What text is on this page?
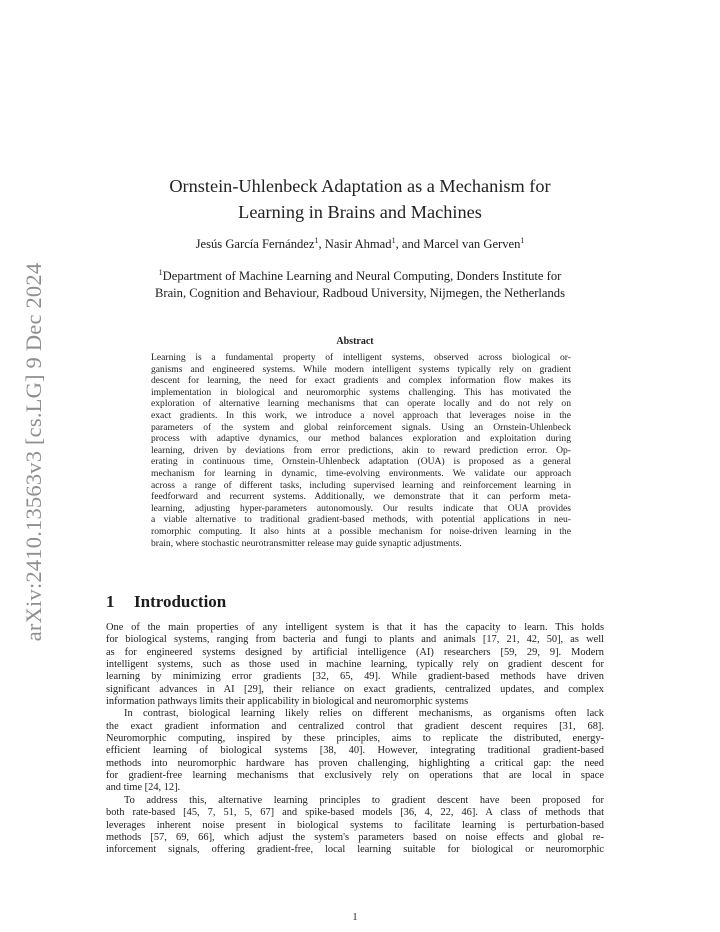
arXiv:2410.13563v3 [cs.LG] 9 Dec 2024
Ornstein-Uhlenbeck Adaptation as a Mechanism for
Learning in Brains and Machines
Jesús García Fernández$^1$, Nasir Ahmad$^1$, and Marcel van Gerven$^1$
$^1$Department of Machine Learning and Neural Computing, Donders Institute for
Brain, Cognition and Behaviour, Radboud University, Nijmegen, the Netherlands
Abstract
Learning is a fundamental property of intelligent systems, observed across biological or-
ganisms and engineered systems. While modern intelligent systems typically rely on gradient
descent for learning, the need for exact gradients and complex information flow makes its
implementation in biological and neuromorphic systems challenging. This has motivated the
exploration of alternative learning mechanisms that can operate locally and do not rely on
exact gradients. In this work, we introduce a novel approach that leverages noise in the
parameters of the system and global reinforcement signals. Using an Ornstein-Uhlenbeck
process with adaptive dynamics, our method balances exploration and exploitation during
learning, driven by deviations from error predictions, akin to reward prediction error. Op-
erating in continuous time, Ornstein-Uhlenbeck adaptation (OUA) is proposed as a general
mechanism for learning in dynamic, time-evolving environments. We validate our approach
across a range of different tasks, including supervised learning and reinforcement learning in
feedforward and recurrent systems. Additionally, we demonstrate that it can perform meta-
learning, adjusting hyper-parameters autonomously. Our results indicate that OUA provides
a viable alternative to traditional gradient-based methods, with potential applications in neu-
romorphic computing. It also hints at a possible mechanism for noise-driven learning in the
brain, where stochastic neurotransmitter release may guide synaptic adjustments.
1 Introduction
One of the main properties of any intelligent system is that it has the capacity to learn. This holds
for biological systems, ranging from bacteria and fungi to plants and animals [17, 21, 42, 50], as well
as for engineered systems designed by artificial intelligence (AI) researchers [59, 29, 9]. Modern
intelligent systems, such as those used in machine learning, typically rely on gradient descent for
learning by minimizing error gradients [32, 65, 49]. While gradient-based methods have driven
significant advances in AI [29], their reliance on exact gradients, centralized updates, and complex
information pathways limits their applicability in biological and neuromorphic systems
In contrast, biological learning likely relies on different mechanisms, as organisms often lack
the exact gradient information and centralized control that gradient descent requires [31, 68].
Neuromorphic computing, inspired by these principles, aims to replicate the distributed, energy-
efficient learning of biological systems [38, 40]. However, integrating traditional gradient-based
methods into neuromorphic hardware has proven challenging, highlighting a critical gap: the need
for gradient-free learning mechanisms that exclusively rely on operations that are local in space
and time [24, 12].
To address this, alternative learning principles to gradient descent have been proposed for
both rate-based [45, 7, 51, 5, 67] and spike-based models [36, 4, 22, 46]. A class of methods that
leverages inherent noise present in biological systems to facilitate learning is perturbation-based
methods [57, 69, 66], which adjust the system's parameters based on noise effects and global re-
inforcement signals, offering gradient-free, local learning suitable for biological or neuromorphic
1
